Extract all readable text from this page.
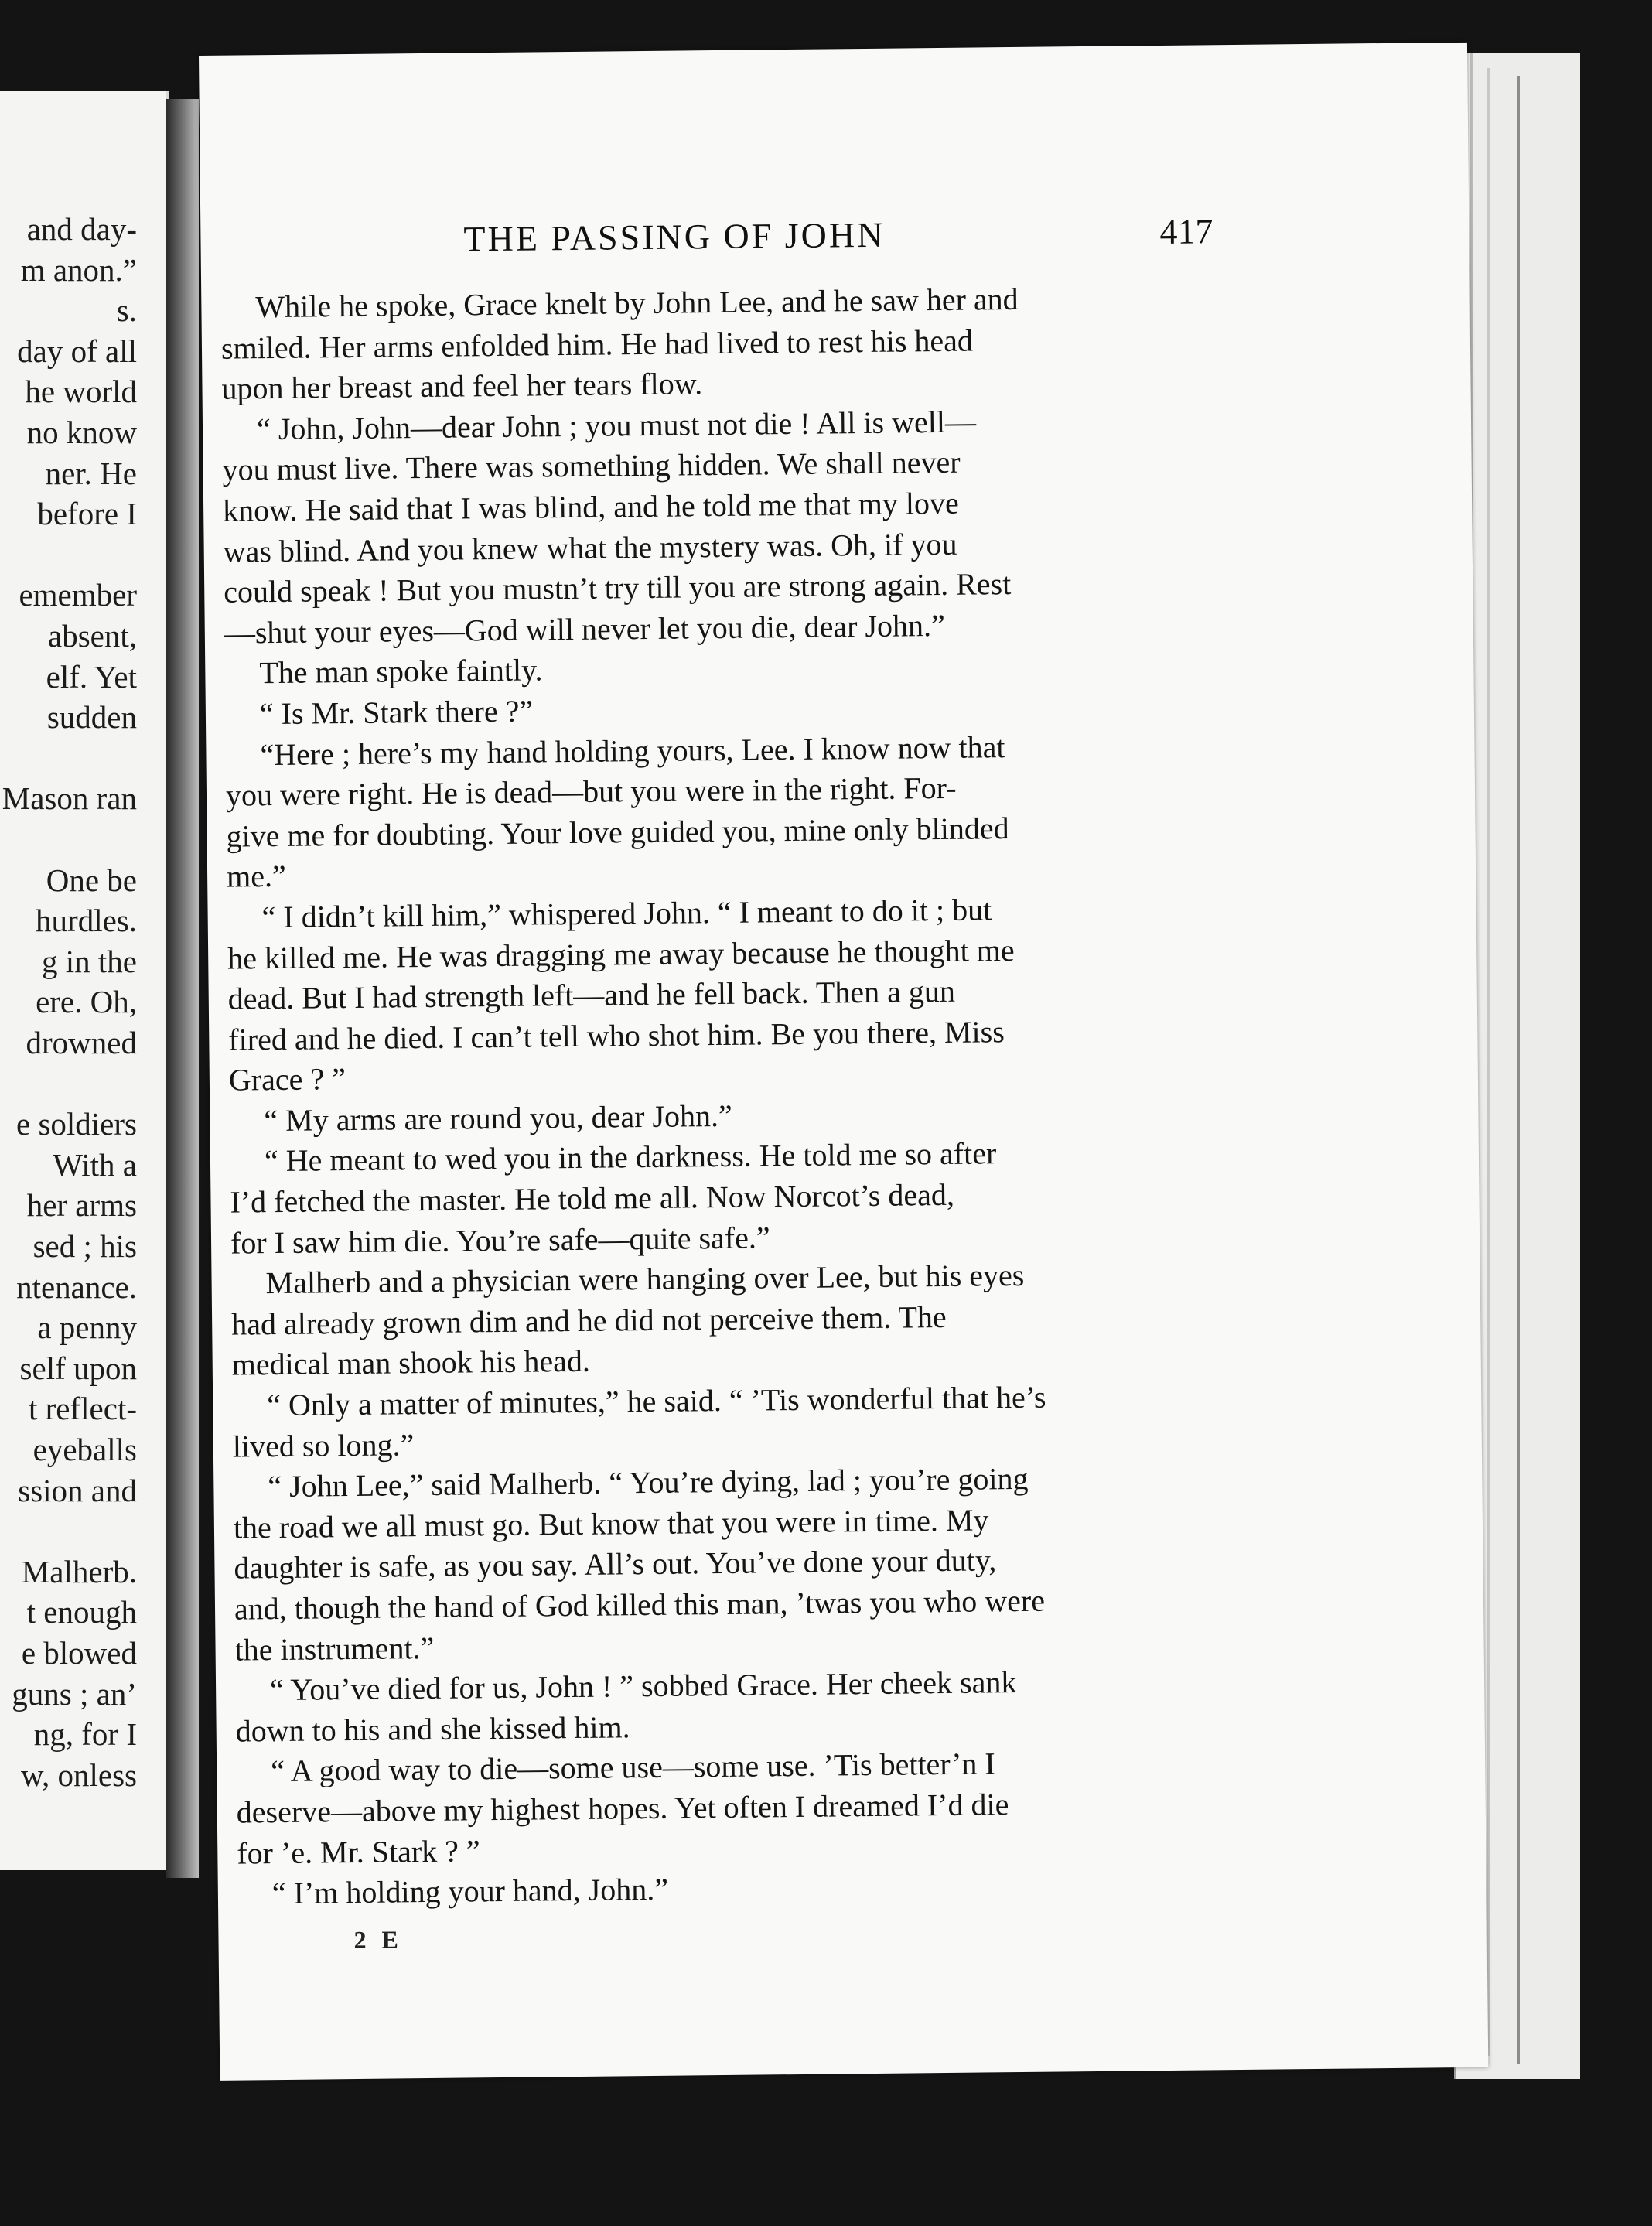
and day-
m anon.”
s.
day of all
he world
no know
ner. He
before I
emember
absent,
elf. Yet
sudden
Mason ran
One be
hurdles.
g in the
ere. Oh,
drowned
e soldiers
With a
her arms
sed ; his
ntenance.
a penny
self upon
t reflect-
eyeballs
ssion and
Malherb.
t enough
e blowed
guns ; an’
ng, for I
w, onless
THE PASSING OF JOHN	417
While he spoke, Grace knelt by John Lee, and he saw her and
smiled. Her arms enfolded him. He had lived to rest his head
upon her breast and feel her tears flow.
“ John, John—dear John ; you must not die ! All is well—
you must live. There was something hidden. We shall never
know. He said that I was blind, and he told me that my love
was blind. And you knew what the mystery was. Oh, if you
could speak ! But you mustn’t try till you are strong again. Rest
—shut your eyes—God will never let you die, dear John.”
The man spoke faintly.
“ Is Mr. Stark there ?”
“Here ; here’s my hand holding yours, Lee. I know now that
you were right. He is dead—but you were in the right. For-
give me for doubting. Your love guided you, mine only blinded
me.”
“ I didn’t kill him,” whispered John. “ I meant to do it ; but
he killed me. He was dragging me away because he thought me
dead. But I had strength left—and he fell back. Then a gun
fired and he died. I can’t tell who shot him. Be you there, Miss
Grace ? ”
“ My arms are round you, dear John.”
“ He meant to wed you in the darkness. He told me so after
I’d fetched the master. He told me all. Now Norcot’s dead,
for I saw him die. You’re safe—quite safe.”
Malherb and a physician were hanging over Lee, but his eyes
had already grown dim and he did not perceive them. The
medical man shook his head.
“ Only a matter of minutes,” he said. “ ’Tis wonderful that he’s
lived so long.”
“ John Lee,” said Malherb. “ You’re dying, lad ; you’re going
the road we all must go. But know that you were in time. My
daughter is safe, as you say. All’s out. You’ve done your duty,
and, though the hand of God killed this man, ’twas you who were
the instrument.”
“ You’ve died for us, John ! ” sobbed Grace. Her cheek sank
down to his and she kissed him.
“ A good way to die—some use—some use. ’Tis better’n I
deserve—above my highest hopes. Yet often I dreamed I’d die
for ’e. Mr. Stark ? ”
“ I’m holding your hand, John.”
2 E
